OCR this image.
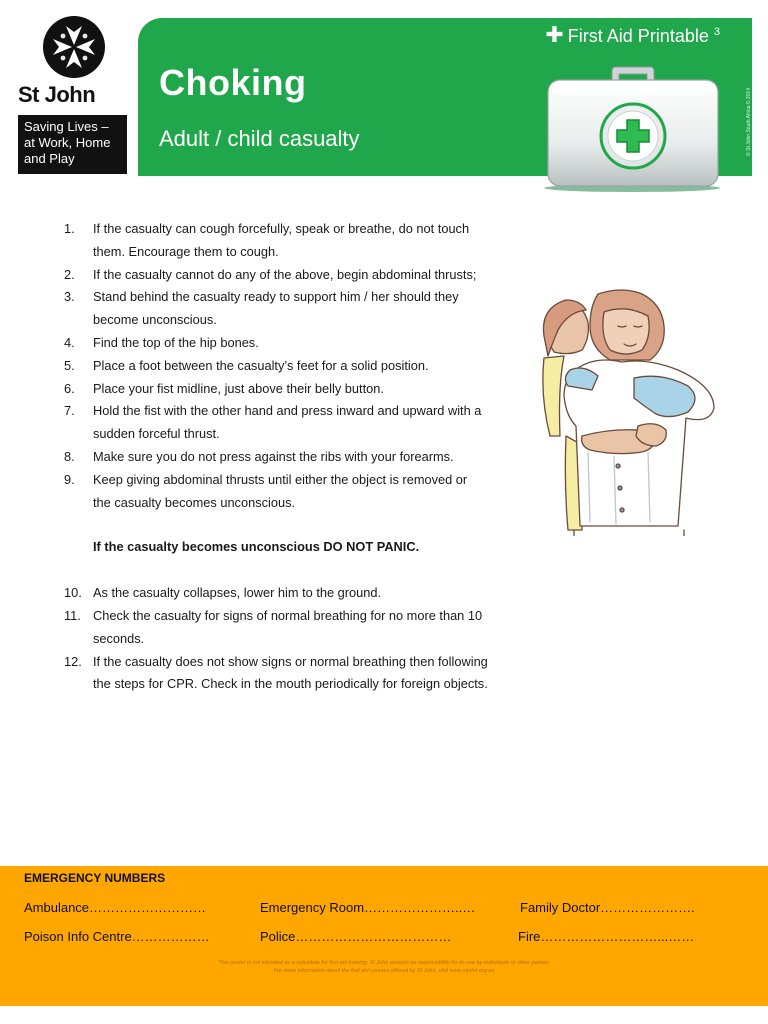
St John
Saving Lives –
at Work, Home
and Play
✚ First Aid Printable $^3$
Choking
Adult / child casualty	© St John South Africa © 2014
1.	If the casualty can cough forcefully, speak or breathe, do not touch them. Encourage them to cough.
2.	If the casualty cannot do any of the above, begin abdominal thrusts;
3.	Stand behind the casualty ready to support him / her should they become unconscious.
4.	Find the top of the hip bones.
5.	Place a foot between the casualty’s feet for a solid position.
6.	Place your fist midline, just above their belly button.
7.	Hold the fist with the other hand and press inward and upward with a sudden forceful thrust.
8.	Make sure you do not press against the ribs with your forearms.
9.	Keep giving abdominal thrusts until either the object is removed or the casualty becomes unconscious.
If the casualty becomes unconscious DO NOT PANIC.
10. As the casualty collapses, lower him to the ground.
11. Check the casualty for signs of normal breathing for no more than 10 seconds.
12. If the casualty does not show signs or normal breathing then following the steps for CPR. Check in the mouth periodically for foreign objects.
EMERGENCY NUMBERS
Ambulance………………………	Emergency Room…………………..…	Family Doctor………………….
Poison Info Centre………………	Police………………………………	Fire………………………...……
This poster is not intended as a substitute for first aid training. St John accepts no responsibility for its use by individuals or other parties.
For more information about the first aid courses offered by St John, visit www.stjohn.org.za
